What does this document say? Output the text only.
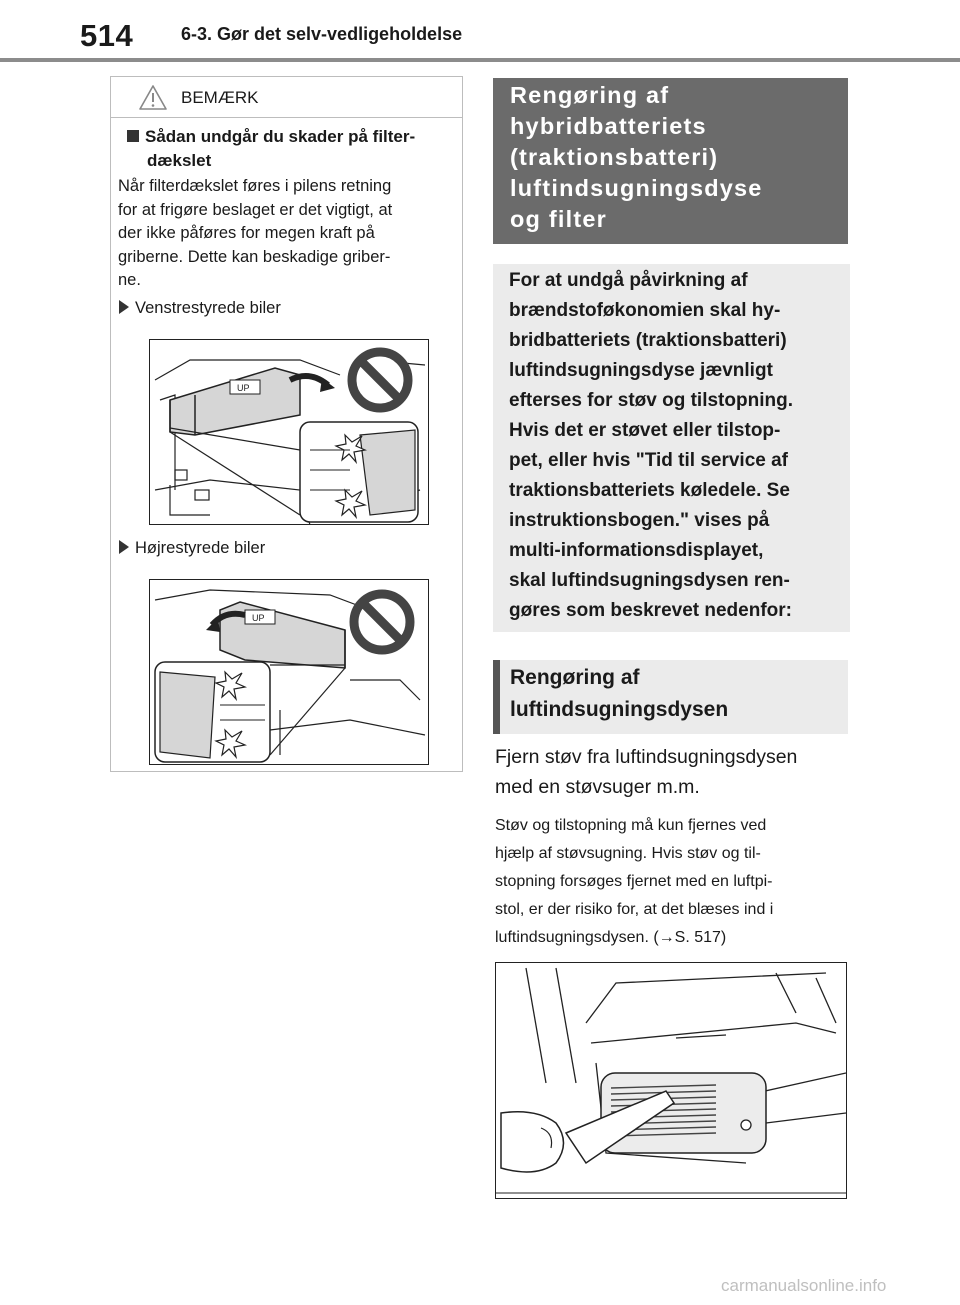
514	6-3. Gør det selv-vedligeholdelse
BEMÆRK
Sådan undgår du skader på filter-
dækslet
Når filterdækslet føres i pilens retning
for at frigøre beslaget er det vigtigt, at
der ikke påføres for megen kraft på
griberne. Dette kan beskadige griber-
ne.
Venstrestyrede biler
UP
Højrestyrede biler
UP
Rengøring af
hybridbatteriets
(traktionsbatteri)
luftindsugningsdyse
og filter
For at undgå påvirkning af
brændstoføkonomien skal hy-
bridbatteriets (traktionsbatteri)
luftindsugningsdyse jævnligt
efterses for støv og tilstopning.
Hvis det er støvet eller tilstop-
pet, eller hvis "Tid til service af
traktionsbatteriets køledele. Se
instruktionsbogen." vises på
multi-informationsdisplayet,
skal luftindsugningsdysen ren-
gøres som beskrevet nedenfor:
Rengøring af
luftindsugningsdysen
Fjern støv fra luftindsugningsdysen
med en støvsuger m.m.
Støv og tilstopning må kun fjernes ved
hjælp af støvsugning. Hvis støv og til-
stopning forsøges fjernet med en luftpi-
stol, er der risiko for, at det blæses ind i
luftindsugningsdysen. (→S. 517)
carmanualsonline.info
